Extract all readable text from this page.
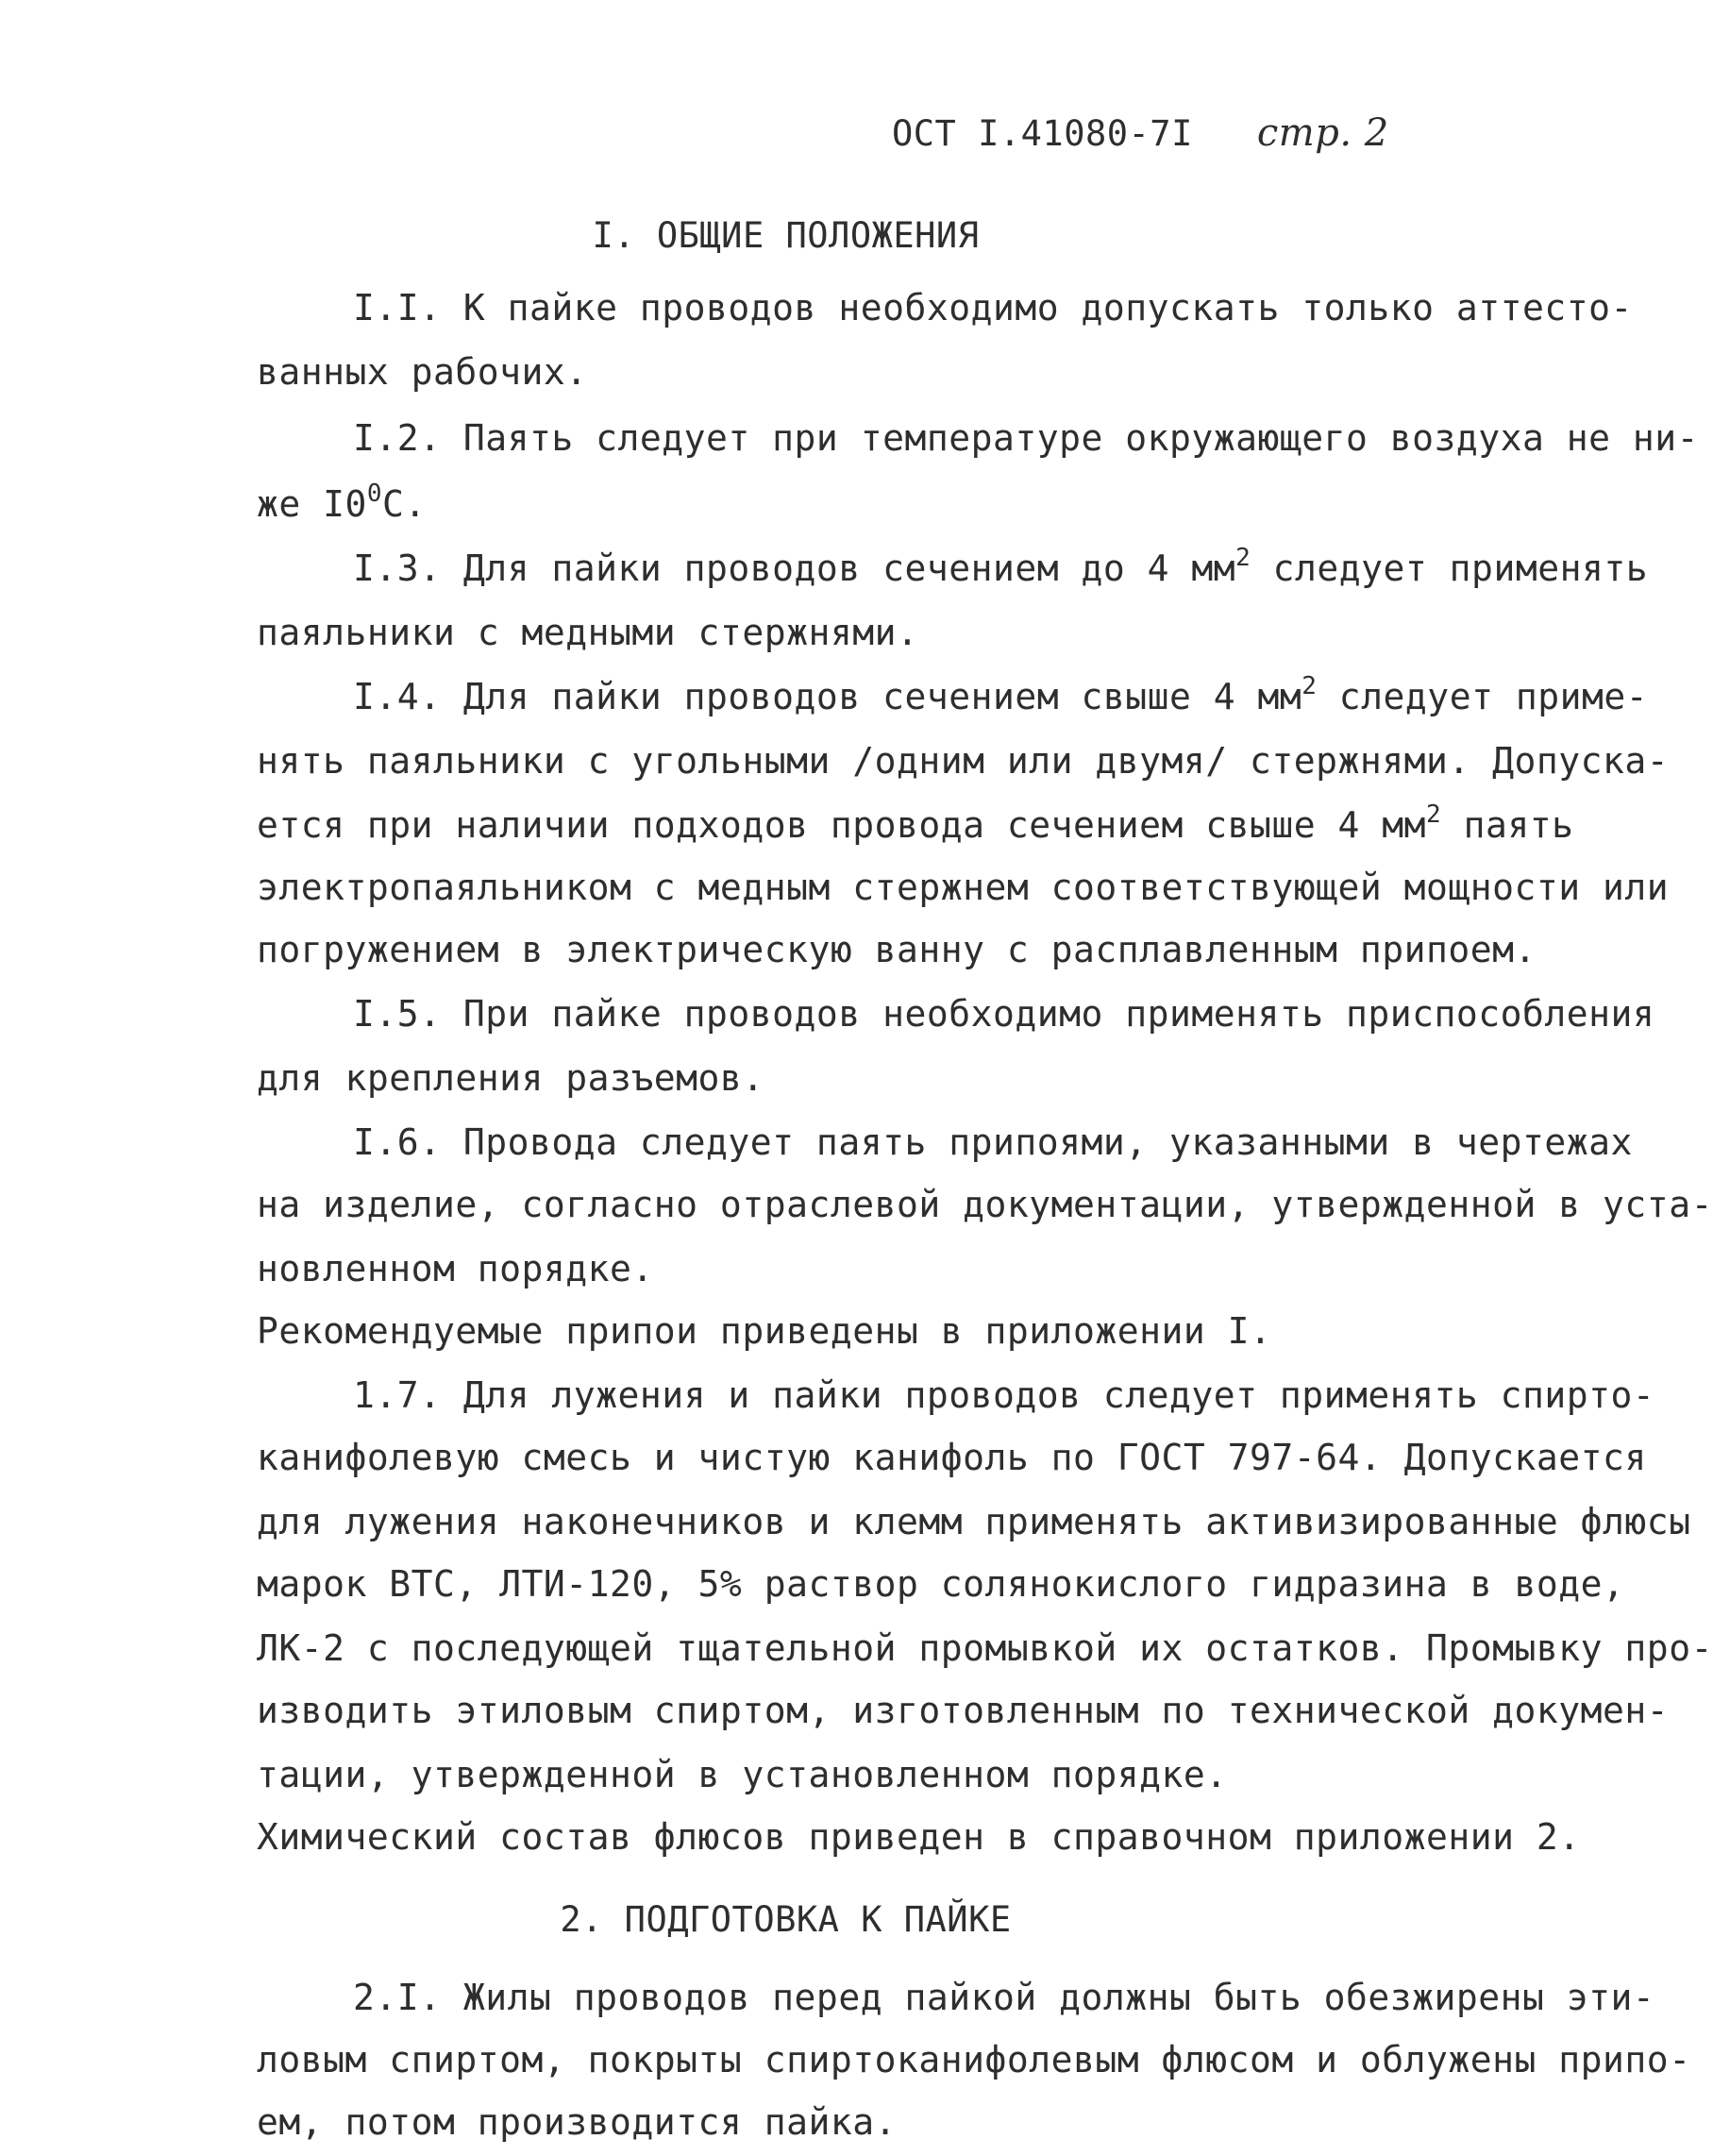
ОСТ I.41080-7I стр. 2
I. ОБЩИЕ ПОЛОЖЕНИЯ
I.I. К пайке проводов необходимо допускать только аттесто-
ванных рабочих.
I.2. Паять следует при температуре окружающего воздуха не ни-
же $I0^0С$.
I.3. Для пайки проводов сечением до 4 $мм^2$ следует применять
паяльники с медными стержнями.
I.4. Для пайки проводов сечением свыше 4 $мм^2$ следует приме-
нять паяльники с угольными /одним или двумя/ стержнями. Допуска-
ется при наличии подходов провода сечением свыше 4 $мм^2$ паять
электропаяльником с медным стержнем соответствующей мощности или
погружением в электрическую ванну с расплавленным припоем.
I.5. При пайке проводов необходимо применять приспособления
для крепления разъемов.
I.6. Провода следует паять припоями, указанными в чертежах
на изделие, согласно отраслевой документации, утвержденной в уста-
новленном порядке.
Рекомендуемые припои приведены в приложении I.
1.7. Для лужения и пайки проводов следует применять спирто-
канифолевую смесь и чистую канифоль по ГОСТ 797-64. Допускается
для лужения наконечников и клемм применять активизированные флюсы
марок ВТС, ЛТИ-120, 5% раствор солянокислого гидразина в воде,
ЛК-2 с последующей тщательной промывкой их остатков. Промывку про-
изводить этиловым спиртом, изготовленным по технической докумен-
тации, утвержденной в установленном порядке.
Химический состав флюсов приведен в справочном приложении 2.
2. ПОДГОТОВКА К ПАЙКЕ
2.I. Жилы проводов перед пайкой должны быть обезжирены эти-
ловым спиртом, покрыты спиртоканифолевым флюсом и облужены припо-
ем, потом производится пайка.
